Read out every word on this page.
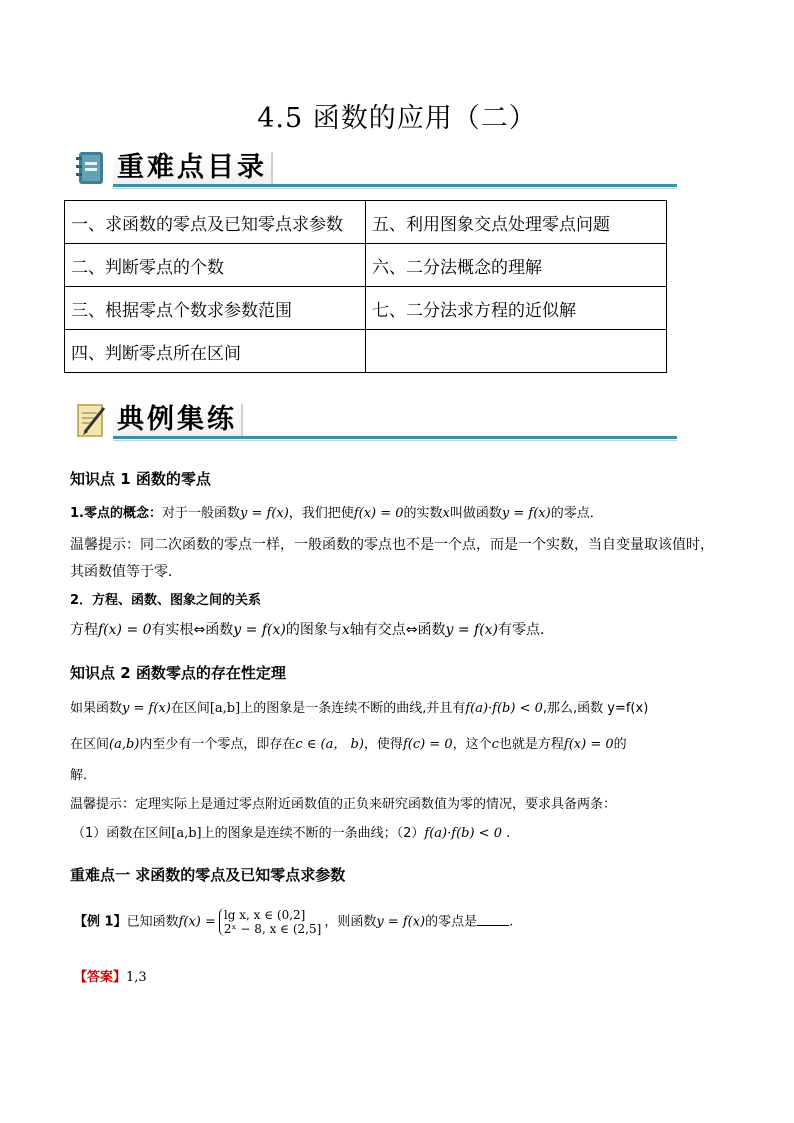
4.5 函数的应用（二）
重难点目录
一、求函数的零点及已知零点求参数	五、利用图象交点处理零点问题
二、判断零点的个数	六、二分法概念的理解
三、根据零点个数求参数范围	七、二分法求方程的近似解
四、判断零点所在区间	
典例集练
知识点 1 函数的零点
1.零点的概念：对于一般函数y = f(x)，我们把使f(x) = 0的实数x叫做函数y = f(x)的零点．
温馨提示：同二次函数的零点一样，一般函数的零点也不是一个点，而是一个实数，当自变量取该值时，
其函数值等于零．
2．方程、函数、图象之间的关系
方程f(x) = 0有实根⇔函数y = f(x)的图象与x轴有交点⇔函数y = f(x)有零点．
知识点 2 函数零点的存在性定理
如果函数y = f(x)在区间[a,b]上的图象是一条连续不断的曲线,并且有f(a)·f(b) < 0,那么,函数 y=f(x)
在区间(a,b)内至少有一个零点，即存在c ∈ (a， b)，使得f(c) = 0，这个c也就是方程f(x) = 0的
解．
温馨提示：定理实际上是通过零点附近函数值的正负来研究函数值为零的情况，要求具备两条：
（1）函数在区间[a,b]上的图象是连续不断的一条曲线；（2）f(a)·f(b) < 0 .
重难点一 求函数的零点及已知零点求参数
【例 1】已知函数f(x) = lg x, x ∈ (0,2]
2ˣ − 8, x ∈ (2,5] ，则函数y = f(x)的零点是 .
【答案】1,3
